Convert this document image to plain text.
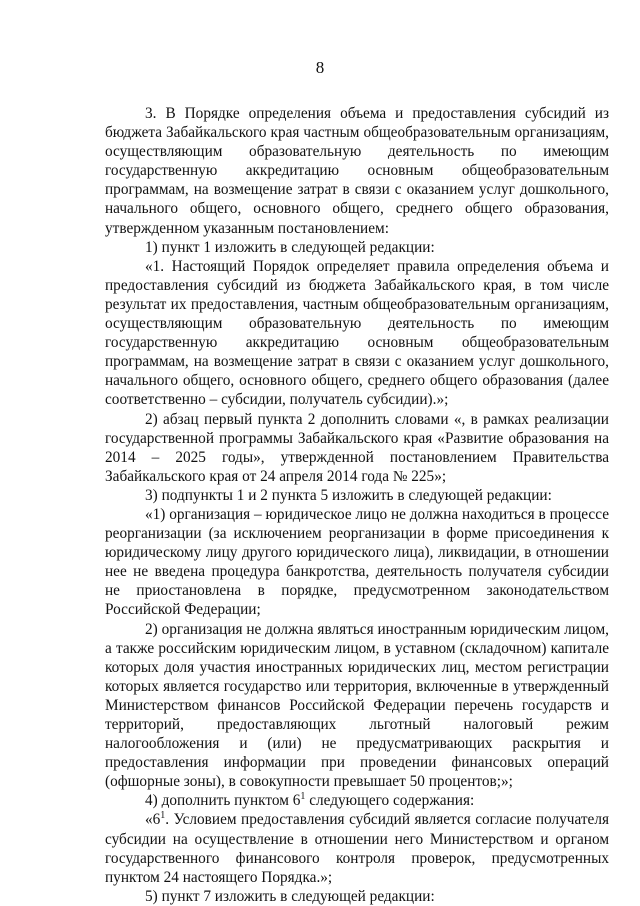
8

3. В Порядке определения объема и предоставления субсидий из бюджета Забайкальского края частным общеобразовательным организациям, осуществляющим образовательную деятельность по имеющим государственную аккредитацию основным общеобразовательным программам, на возмещение затрат в связи с оказанием услуг дошкольного, начального общего, основного общего, среднего общего образования, утвержденном указанным постановлением:

1) пункт 1 изложить в следующей редакции:

«1. Настоящий Порядок определяет правила определения объема и предоставления субсидий из бюджета Забайкальского края, в том числе результат их предоставления, частным общеобразовательным организациям, осуществляющим образовательную деятельность по имеющим государственную аккредитацию основным общеобразовательным программам, на возмещение затрат в связи с оказанием услуг дошкольного, начального общего, основного общего, среднего общего образования (далее соответственно – субсидии, получатель субсидии).»;

2) абзац первый пункта 2 дополнить словами «, в рамках реализации государственной программы Забайкальского края «Развитие образования на 2014 – 2025 годы», утвержденной постановлением Правительства Забайкальского края от 24 апреля 2014 года № 225»;

3) подпункты 1 и 2 пункта 5 изложить в следующей редакции:

«1) организация – юридическое лицо не должна находиться в процессе реорганизации (за исключением реорганизации в форме присоединения к юридическому лицу другого юридического лица), ликвидации, в отношении нее не введена процедура банкротства, деятельность получателя субсидии не приостановлена в порядке, предусмотренном законодательством Российской Федерации;

2) организация не должна являться иностранным юридическим лицом, а также российским юридическим лицом, в уставном (складочном) капитале которых доля участия иностранных юридических лиц, местом регистрации которых является государство или территория, включенные в утвержденный Министерством финансов Российской Федерации перечень государств и территорий, предоставляющих льготный налоговый режим налогообложения и (или) не предусматривающих раскрытия и предоставления информации при проведении финансовых операций (офшорные зоны), в совокупности превышает 50 процентов;»;

4) дополнить пунктом $6^1$ следующего содержания:

«$6^1$. Условием предоставления субсидий является согласие получателя субсидии на осуществление в отношении него Министерством и органом государственного финансового контроля проверок, предусмотренных пунктом 24 настоящего Порядка.»;

5) пункт 7 изложить в следующей редакции:
